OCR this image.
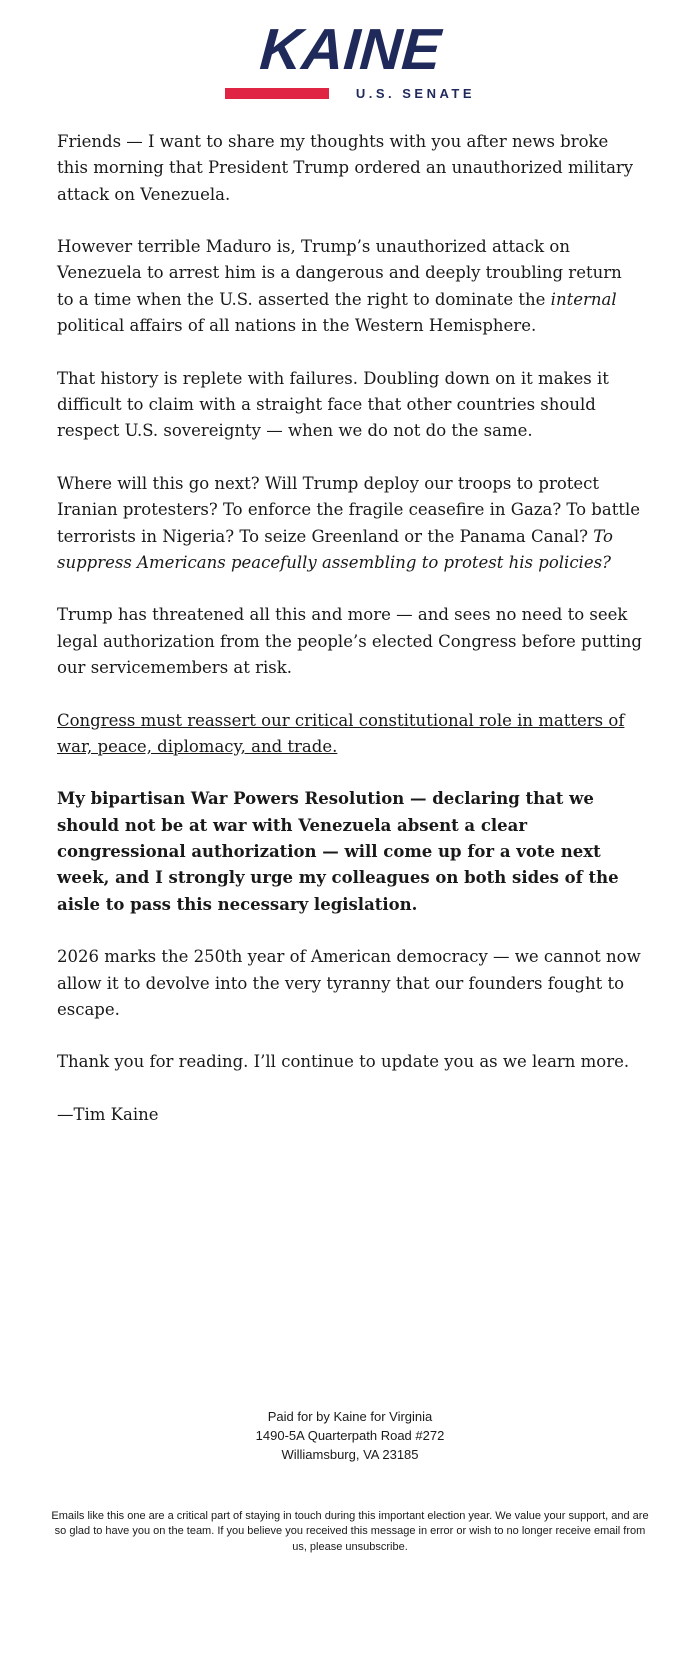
KAINE
U.S. SENATE

Friends — I want to share my thoughts with you after news broke this morning that President Trump ordered an unauthorized military attack on Venezuela.

However terrible Maduro is, Trump’s unauthorized attack on Venezuela to arrest him is a dangerous and deeply troubling return to a time when the U.S. asserted the right to dominate the internal political affairs of all nations in the Western Hemisphere.

That history is replete with failures. Doubling down on it makes it difficult to claim with a straight face that other countries should respect U.S. sovereignty — when we do not do the same.

Where will this go next? Will Trump deploy our troops to protect Iranian protesters? To enforce the fragile ceasefire in Gaza? To battle terrorists in Nigeria? To seize Greenland or the Panama Canal? To suppress Americans peacefully assembling to protest his policies?

Trump has threatened all this and more — and sees no need to seek legal authorization from the people’s elected Congress before putting our servicemembers at risk.

Congress must reassert our critical constitutional role in matters of war, peace, diplomacy, and trade.

My bipartisan War Powers Resolution — declaring that we should not be at war with Venezuela absent a clear congressional authorization — will come up for a vote next week, and I strongly urge my colleagues on both sides of the aisle to pass this necessary legislation.

2026 marks the 250th year of American democracy — we cannot now allow it to devolve into the very tyranny that our founders fought to escape.

Thank you for reading. I’ll continue to update you as we learn more.

—Tim Kaine

Paid for by Kaine for Virginia
1490-5A Quarterpath Road #272
Williamsburg, VA 23185
Emails like this one are a critical part of staying in touch during this important election year. We value your support, and are so glad to have you on the team. If you believe you received this message in error or wish to no longer receive email from us, please unsubscribe.
